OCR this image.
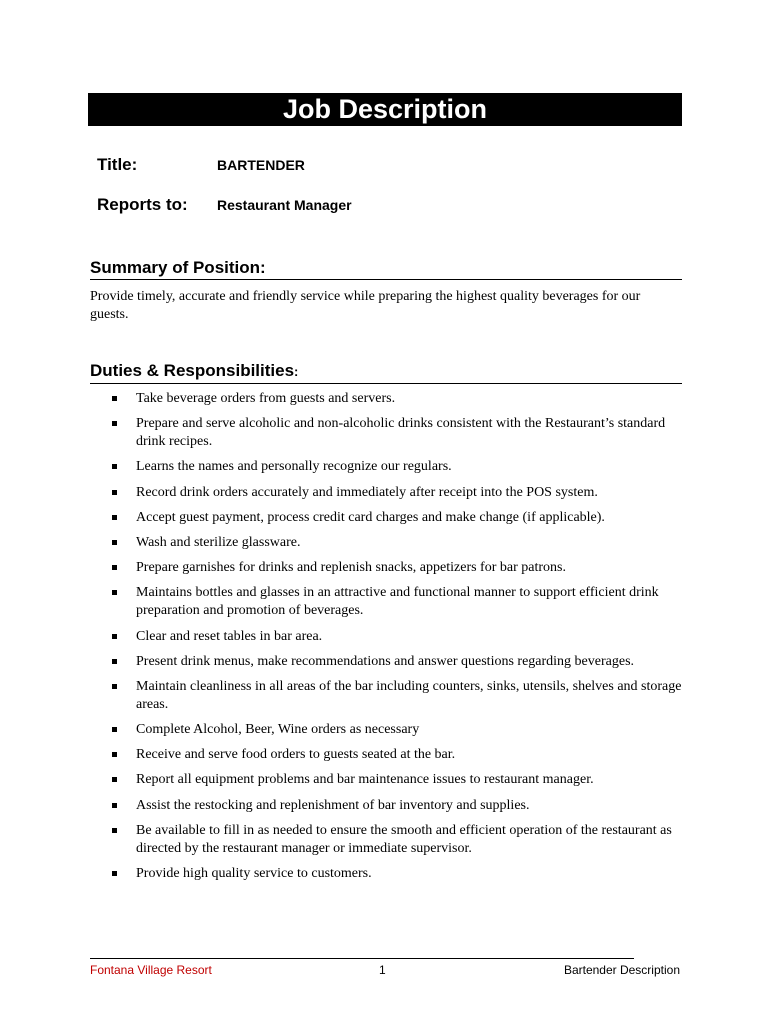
Job Description
Title:	BARTENDER
Reports to: Restaurant Manager
Summary of Position:
Provide timely, accurate and friendly service while preparing the highest quality beverages for our guests.
Duties & Responsibilities:
Take beverage orders from guests and servers.
Prepare and serve alcoholic and non-alcoholic drinks consistent with the Restaurant’s standard drink recipes.
Learns the names and personally recognize our regulars.
Record drink orders accurately and immediately after receipt into the POS system.
Accept guest payment, process credit card charges and make change (if applicable).
Wash and sterilize glassware.
Prepare garnishes for drinks and replenish snacks, appetizers for bar patrons.
Maintains bottles and glasses in an attractive and functional manner to support efficient drink preparation and promotion of beverages.
Clear and reset tables in bar area.
Present drink menus, make recommendations and answer questions regarding beverages.
Maintain cleanliness in all areas of the bar including counters, sinks, utensils, shelves and storage areas.
Complete Alcohol, Beer, Wine orders as necessary
Receive and serve food orders to guests seated at the bar.
Report all equipment problems and bar maintenance issues to restaurant manager.
Assist the restocking and replenishment of bar inventory and supplies.
Be available to fill in as needed to ensure the smooth and efficient operation of the restaurant as directed by the restaurant manager or immediate supervisor.
Provide high quality service to customers.
Fontana Village Resort	1	Bartender Description
